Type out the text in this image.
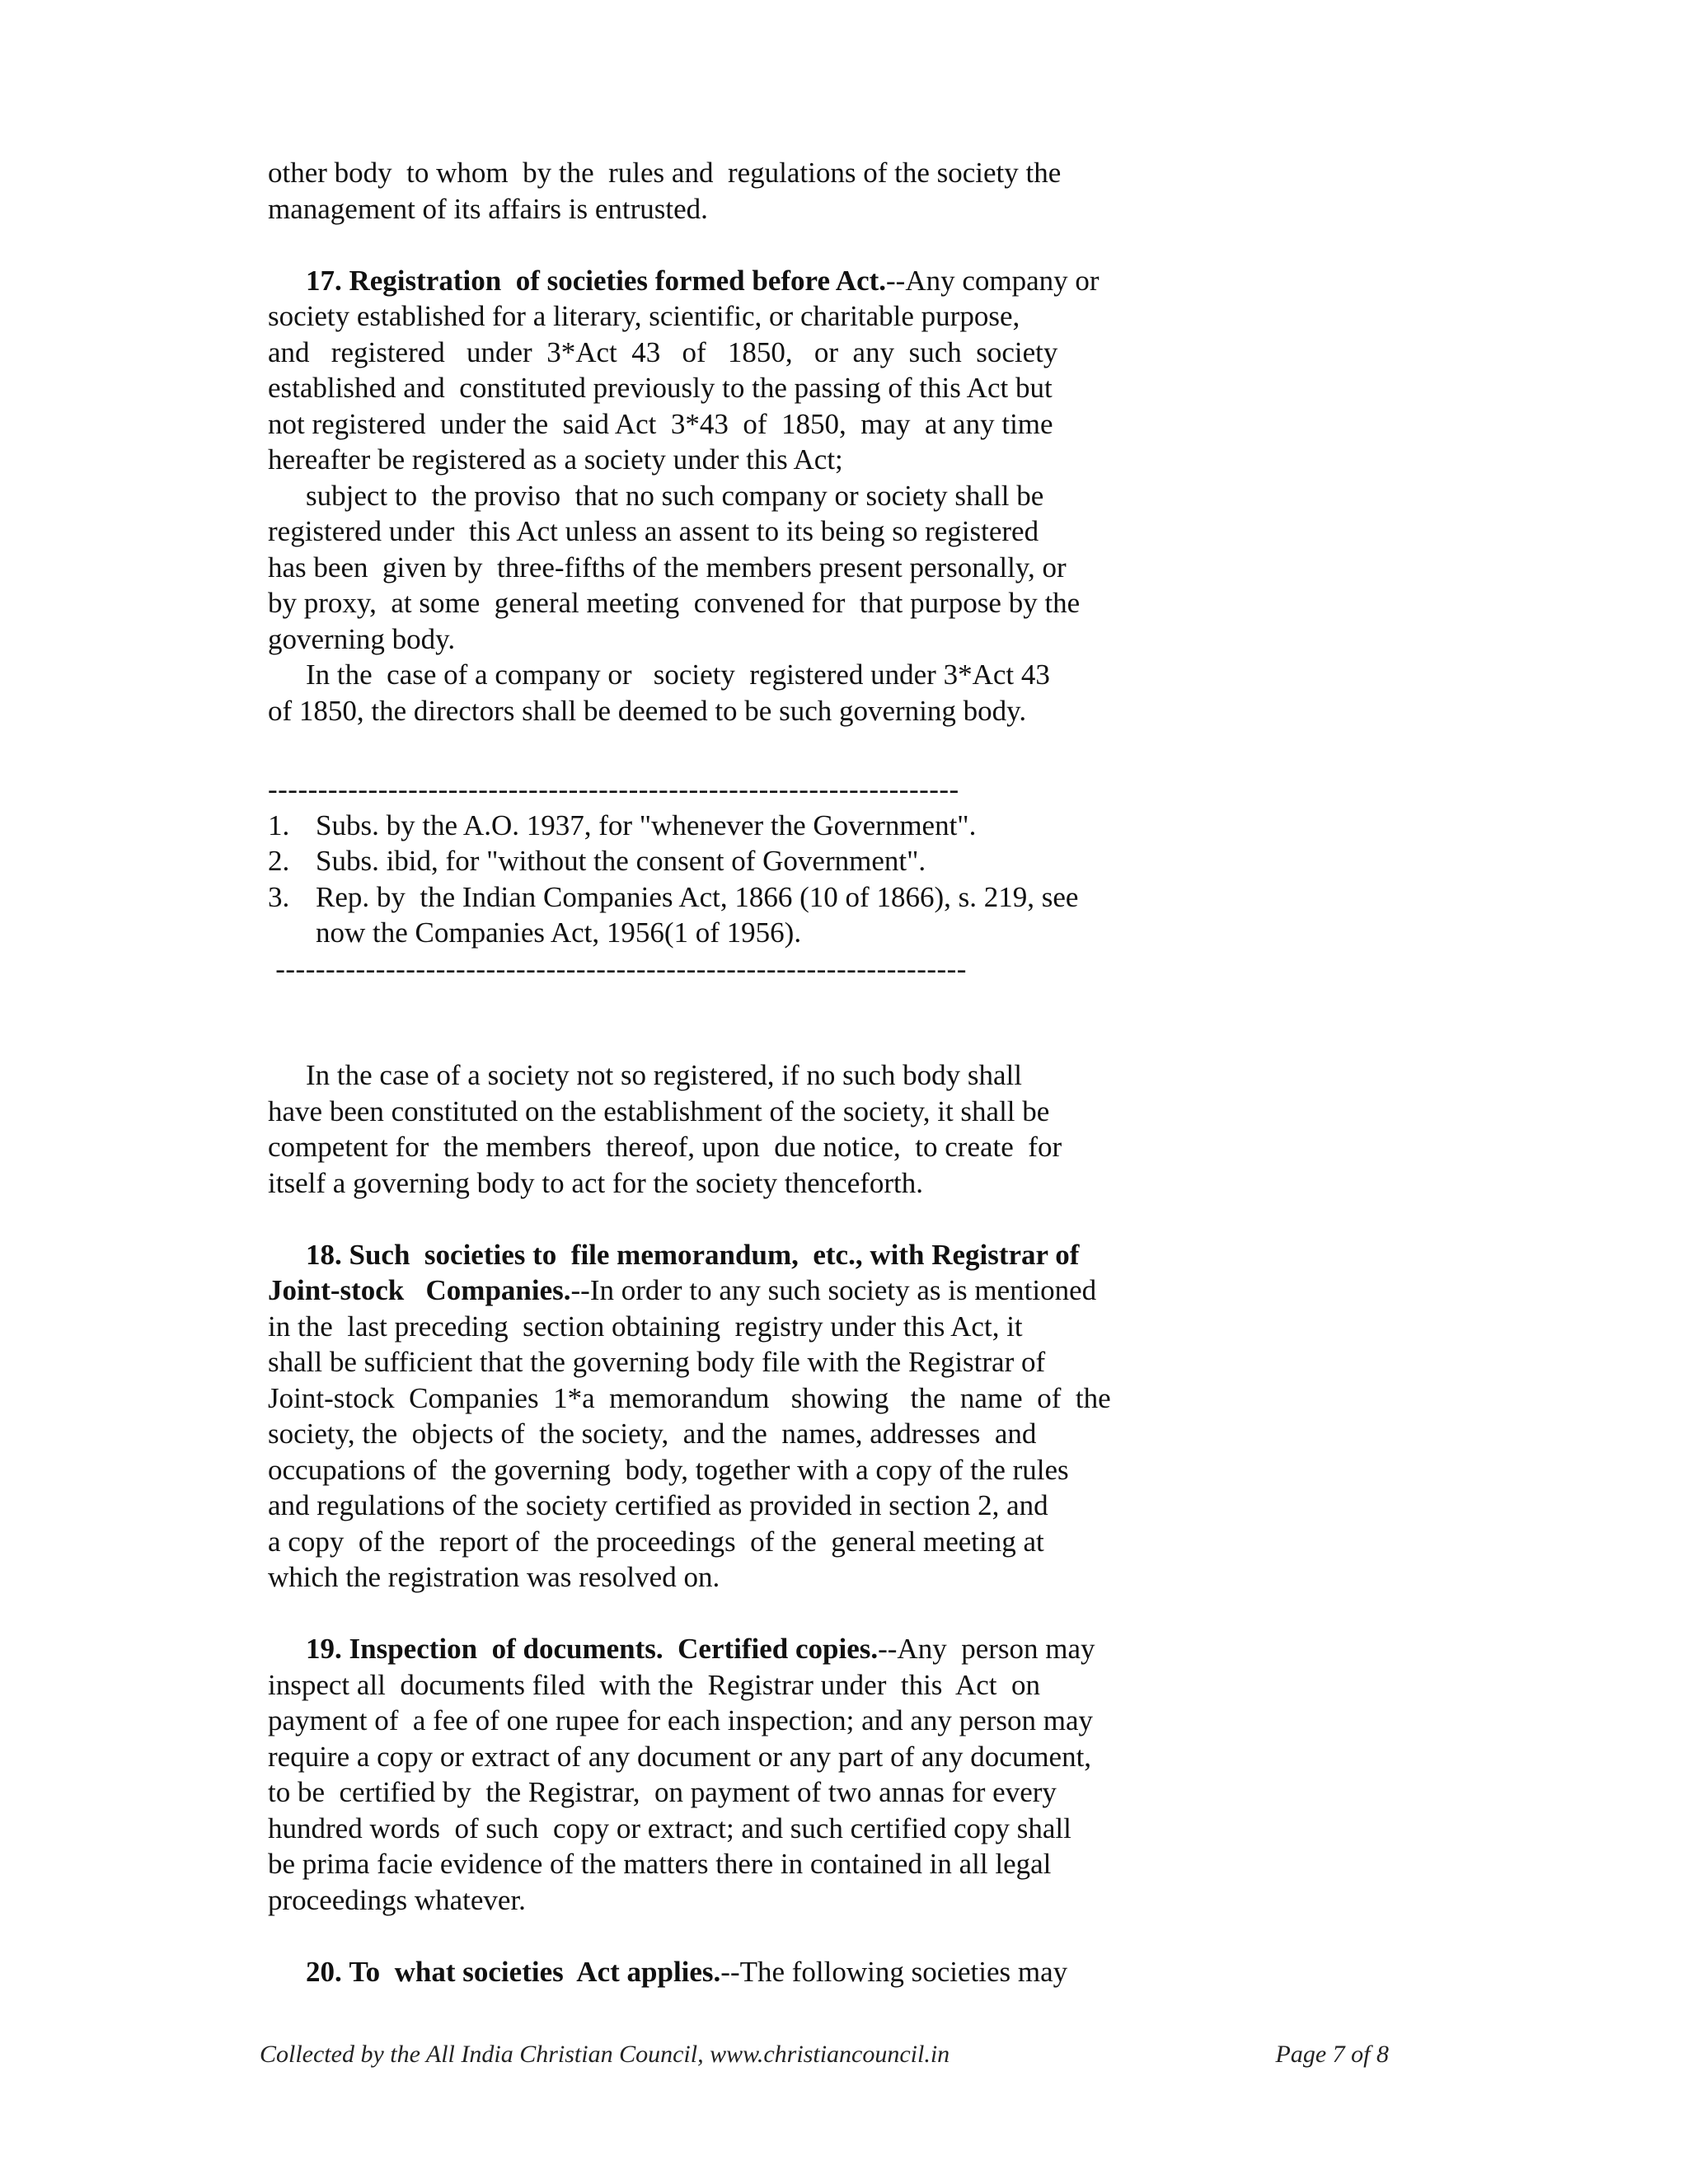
other body  to whom  by the  rules and  regulations of the society the
management of its affairs is entrusted.
17. Registration  of societies formed before Act.--Any company or
society established for a literary, scientific, or charitable purpose,
and   registered   under  3*Act  43   of   1850,   or  any  such  society
established and  constituted previously to the passing of this Act but
not registered  under the  said Act  3*43  of  1850,  may  at any time
hereafter be registered as a society under this Act;
subject to  the proviso  that no such company or society shall be
registered under  this Act unless an assent to its being so registered
has been  given by  three-fifths of the members present personally, or
by proxy,  at some  general meeting  convened for  that purpose by the
governing body.
In the  case of a company or   society  registered under 3*Act 43
of 1850, the directors shall be deemed to be such governing body.
---------------------------------------------------------------------
1. Subs. by the A.O. 1937, for "whenever the Government".
2. Subs. ibid, for "without the consent of Government".
3. Rep. by  the Indian Companies Act, 1866 (10 of 1866), s. 219, see
now the Companies Act, 1956(1 of 1956).
---------------------------------------------------------------------
In the case of a society not so registered, if no such body shall
have been constituted on the establishment of the society, it shall be
competent for  the members  thereof, upon  due notice,  to create  for
itself a governing body to act for the society thenceforth.
18. Such  societies to  file memorandum,  etc., with Registrar of
Joint-stock   Companies.--In order to any such society as is mentioned
in the  last preceding  section obtaining  registry under this Act, it
shall be sufficient that the governing body file with the Registrar of
Joint-stock  Companies  1*a  memorandum   showing   the  name  of  the
society, the  objects of  the society,  and the  names, addresses  and
occupations of  the governing  body, together with a copy of the rules
and regulations of the society certified as provided in section 2, and
a copy  of the  report of  the proceedings  of the  general meeting at
which the registration was resolved on.
19. Inspection  of documents.  Certified copies.--Any  person may
inspect all  documents filed  with the  Registrar under  this  Act  on
payment of  a fee of one rupee for each inspection; and any person may
require a copy or extract of any document or any part of any document,
to be  certified by  the Registrar,  on payment of two annas for every
hundred words  of such  copy or extract; and such certified copy shall
be prima facie evidence of the matters there in contained in all legal
proceedings whatever.
20. To  what societies  Act applies.--The following societies may
Collected by the All India Christian Council, www.christiancouncil.in	Page 7 of 8
